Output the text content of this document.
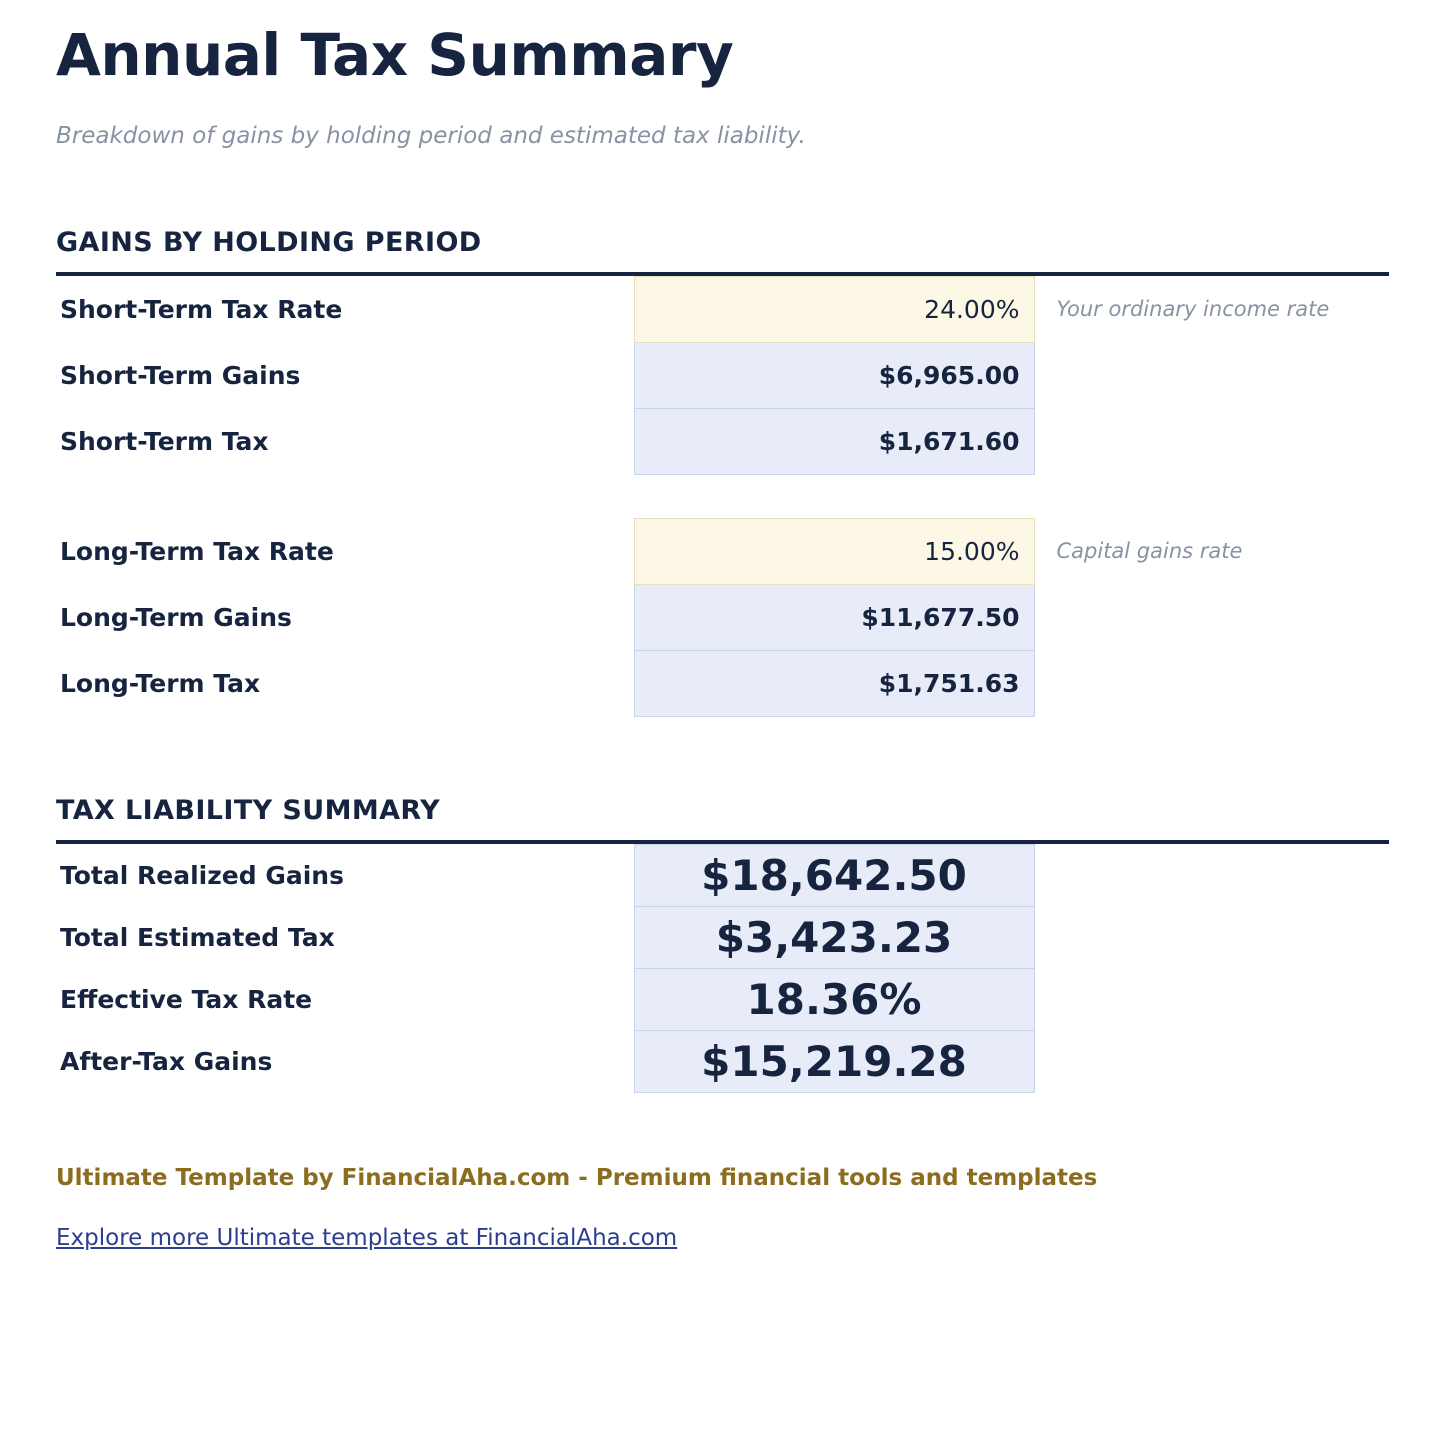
Annual Tax Summary

Breakdown of gains by holding period and estimated tax liability.

GAINS BY HOLDING PERIOD
Short-Term Tax Rate	24.00%	Your ordinary income rate
Short-Term Gains	$6,965.00	
Short-Term Tax	$1,671.60	

Long-Term Tax Rate	15.00%	Capital gains rate
Long-Term Gains	$11,677.50	
Long-Term Tax	$1,751.63	
TAX LIABILITY SUMMARY
Total Realized Gains	$18,642.50	
Total Estimated Tax	$3,423.23	
Effective Tax Rate	18.36%	
After-Tax Gains	$15,219.28	

Ultimate Template by FinancialAha.com - Premium financial tools and templates

Explore more Ultimate templates at FinancialAha.com
